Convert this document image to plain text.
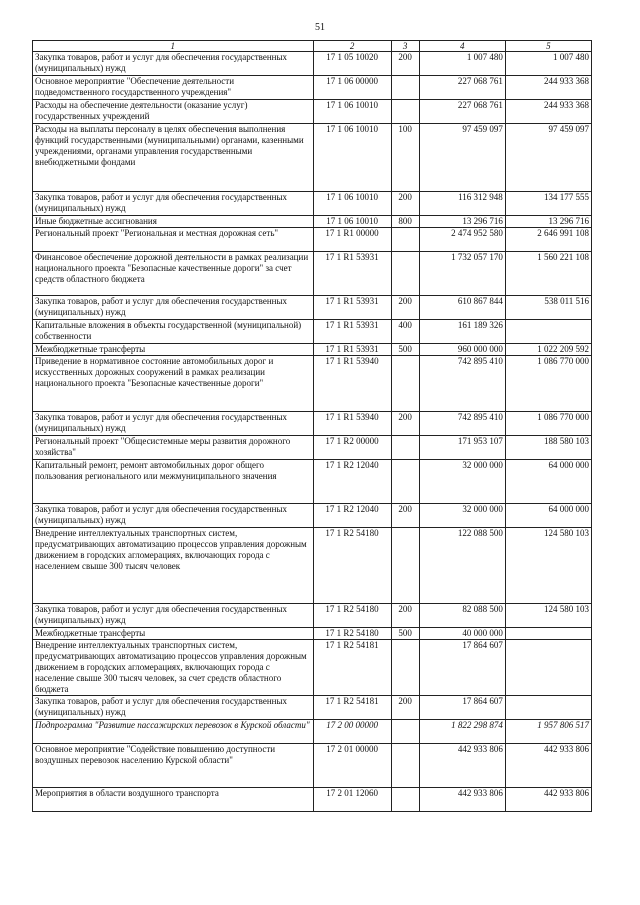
51
1	2	3	4	5
Закупка товаров, работ и услуг для обеспечения государственных (муниципальных) нужд	17 1 05 10020	200	1 007 480	1 007 480
Основное мероприятие "Обеспечение деятельности подведомственного государственного учреждения"	17 1 06 00000		227 068 761	244 933 368
Расходы на обеспечение деятельности (оказание услуг) государственных учреждений	17 1 06 10010		227 068 761	244 933 368
Расходы на выплаты персоналу в целях обеспечения выполнения функций государственными (муниципальными) органами, казенными учреждениями, органами управления государственными внебюджетными фондами	17 1 06 10010	100	97 459 097	97 459 097
Закупка товаров, работ и услуг для обеспечения государственных (муниципальных) нужд	17 1 06 10010	200	116 312 948	134 177 555
Иные бюджетные ассигнования	17 1 06 10010	800	13 296 716	13 296 716
Региональный проект "Региональная и местная дорожная сеть"	17 1 R1 00000		2 474 952 580	2 646 991 108
Финансовое обеспечение дорожной деятельности в рамках реализации национального проекта "Безопасные качественные дороги" за счет средств областного бюджета	17 1 R1 53931		1 732 057 170	1 560 221 108
Закупка товаров, работ и услуг для обеспечения государственных (муниципальных) нужд	17 1 R1 53931	200	610 867 844	538 011 516
Капитальные вложения в объекты государственной (муниципальной) собственности	17 1 R1 53931	400	161 189 326	
Межбюджетные трансферты	17 1 R1 53931	500	960 000 000	1 022 209 592
Приведение в нормативное состояние автомобильных дорог и искусственных дорожных сооружений в рамках реализации национального проекта "Безопасные качественные дороги"	17 1 R1 53940		742 895 410	1 086 770 000
Закупка товаров, работ и услуг для обеспечения государственных (муниципальных) нужд	17 1 R1 53940	200	742 895 410	1 086 770 000
Региональный проект "Общесистемные меры развития дорожного хозяйства"	17 1 R2 00000		171 953 107	188 580 103
Капитальный ремонт, ремонт автомобильных дорог общего пользования регионального или межмуниципального значения	17 1 R2 12040		32 000 000	64 000 000
Закупка товаров, работ и услуг для обеспечения государственных (муниципальных) нужд	17 1 R2 12040	200	32 000 000	64 000 000
Внедрение интеллектуальных транспортных систем, предусматривающих автоматизацию процессов управления дорожным движением в городских агломерациях, включающих города с населением свыше 300 тысяч человек	17 1 R2 54180		122 088 500	124 580 103
Закупка товаров, работ и услуг для обеспечения государственных (муниципальных) нужд	17 1 R2 54180	200	82 088 500	124 580 103
Межбюджетные трансферты	17 1 R2 54180	500	40 000 000	
Внедрение интеллектуальных транспортных систем, предусматривающих автоматизацию процессов управления дорожным движением в городских агломерациях, включающих города с население свыше 300 тысяч человек, за счет средств областного бюджета	17 1 R2 54181		17 864 607	
Закупка товаров, работ и услуг для обеспечения государственных (муниципальных) нужд	17 1 R2 54181	200	17 864 607	
Подпрограмма "Развитие пассажирских перевозок в Курской области"	17 2 00 00000		1 822 298 874	1 957 806 517
Основное мероприятие "Содействие повышению доступности воздушных перевозок населению Курской области"	17 2 01 00000		442 933 806	442 933 806
Мероприятия в области воздушного транспорта	17 2 01 12060		442 933 806	442 933 806
